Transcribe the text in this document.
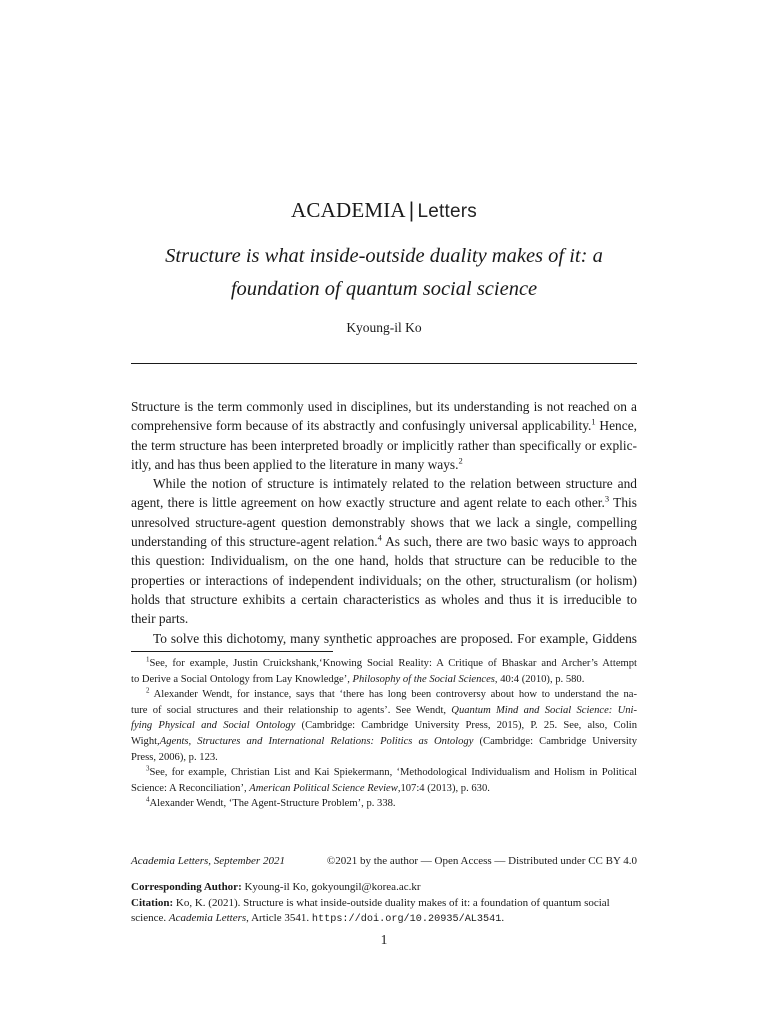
ACADEMIA | Letters
Structure is what inside-outside duality makes of it: a
foundation of quantum social science
Kyoung-il Ko

Structure is the term commonly used in disciplines, but its understanding is not reached on a
comprehensive form because of its abstractly and confusingly universal applicability.$^1$ Hence,
the term structure has been interpreted broadly or implicitly rather than specifically or explic-
itly, and has thus been applied to the literature in many ways.$^2$

While the notion of structure is intimately related to the relation between structure and
agent, there is little agreement on how exactly structure and agent relate to each other.$^3$ This
unresolved structure-agent question demonstrably shows that we lack a single, compelling
understanding of this structure-agent relation.$^4$ As such, there are two basic ways to approach
this question: Individualism, on the one hand, holds that structure can be reducible to the
properties or interactions of independent individuals; on the other, structuralism (or holism)
holds that structure exhibits a certain characteristics as wholes and thus it is irreducible to
their parts.

To solve this dichotomy, many synthetic approaches are proposed. For example, Giddens

$^1$See, for example, Justin Cruickshank,‘Knowing Social Reality: A Critique of Bhaskar and Archer’s Attempt
to Derive a Social Ontology from Lay Knowledge’, Philosophy of the Social Sciences, 40:4 (2010), p. 580.
$^2$ Alexander Wendt, for instance, says that ‘there has long been controversy about how to understand the na-
ture of social structures and their relationship to agents’. See Wendt, Quantum Mind and Social Science: Uni-
fying Physical and Social Ontology (Cambridge: Cambridge University Press, 2015), P. 25. See, also, Colin
Wight,Agents, Structures and International Relations: Politics as Ontology (Cambridge: Cambridge University
Press, 2006), p. 123.
$^3$See, for example, Christian List and Kai Spiekermann, ‘Methodological Individualism and Holism in Political
Science: A Reconciliation’, American Political Science Review,107:4 (2013), p. 630.
$^4$Alexander Wendt, ‘The Agent-Structure Problem’, p. 338.
Academia Letters, September 2021	©2021 by the author — Open Access — Distributed under CC BY 4.0
Corresponding Author: Kyoung-il Ko, gokyoungil@korea.ac.kr
Citation: Ko, K. (2021). Structure is what inside-outside duality makes of it: a foundation of quantum social
science. Academia Letters, Article 3541. https://doi.org/10.20935/AL3541.
1
